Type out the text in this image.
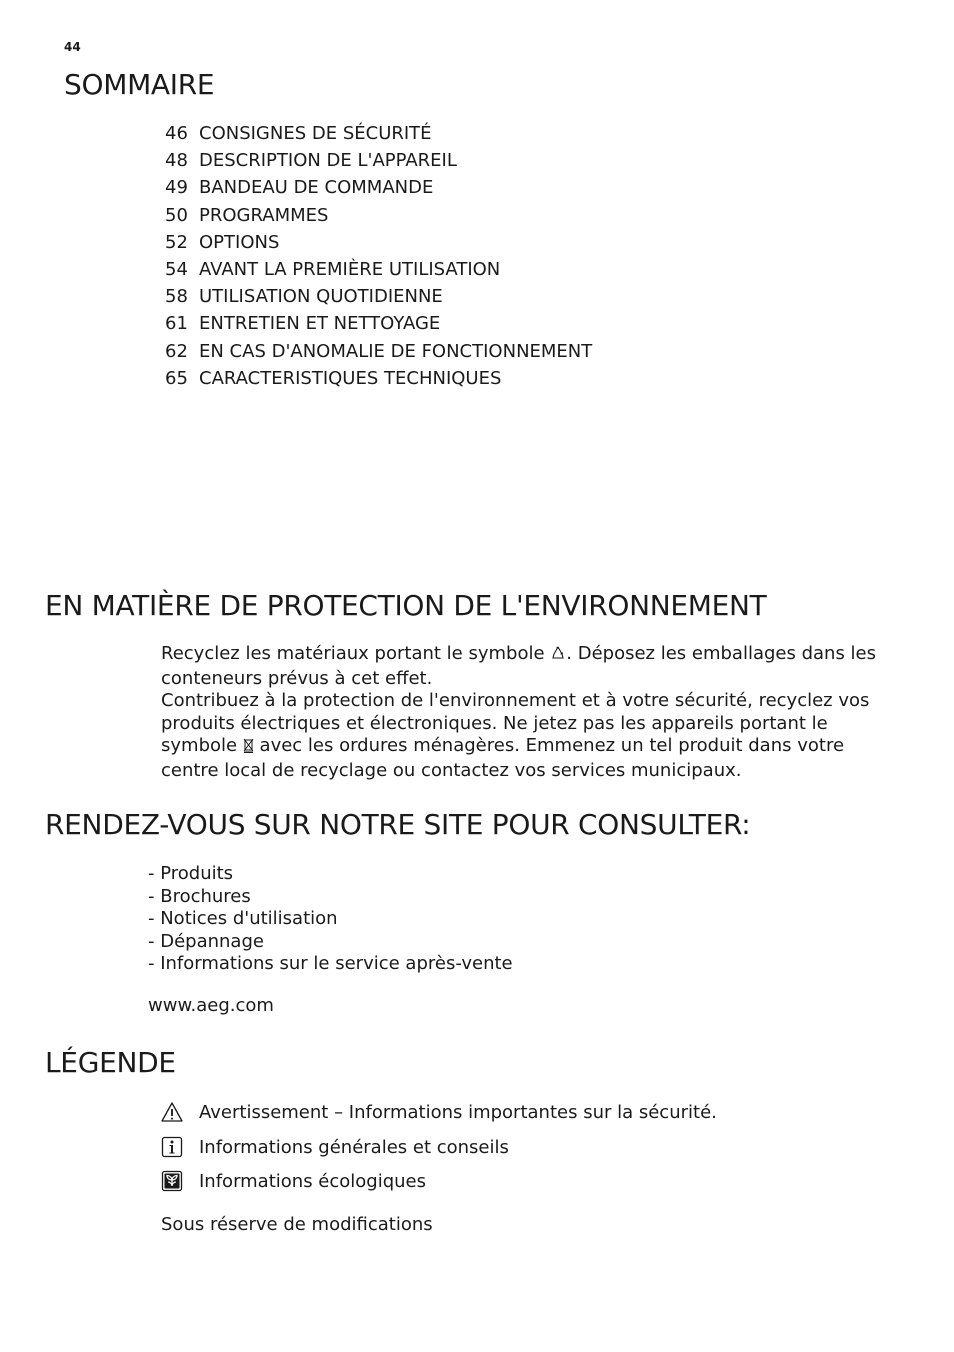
44
SOMMAIRE
46 CONSIGNES DE SÉCURITÉ
48 DESCRIPTION DE L'APPAREIL
49 BANDEAU DE COMMANDE
50 PROGRAMMES
52 OPTIONS
54 AVANT LA PREMIÈRE UTILISATION
58 UTILISATION QUOTIDIENNE
61 ENTRETIEN ET NETTOYAGE
62 EN CAS D'ANOMALIE DE FONCTIONNEMENT
65 CARACTERISTIQUES TECHNIQUES
EN MATIÈRE DE PROTECTION DE L'ENVIRONNEMENT
Recyclez les matériaux portant le symbole . Déposez les emballages dans les conteneurs prévus à cet effet.
Contribuez à la protection de l'environnement et à votre sécurité, recyclez vos produits électriques et électroniques. Ne jetez pas les appareils portant le symbole  avec les ordures ménagères. Emmenez un tel produit dans votre centre local de recyclage ou contactez vos services municipaux.
RENDEZ-VOUS SUR NOTRE SITE POUR CONSULTER:
- Produits
- Brochures
- Notices d'utilisation
- Dépannage
- Informations sur le service après-vente
www.aeg.com
LÉGENDE
Avertissement – Informations importantes sur la sécurité.
Informations générales et conseils
Informations écologiques
Sous réserve de modifications
